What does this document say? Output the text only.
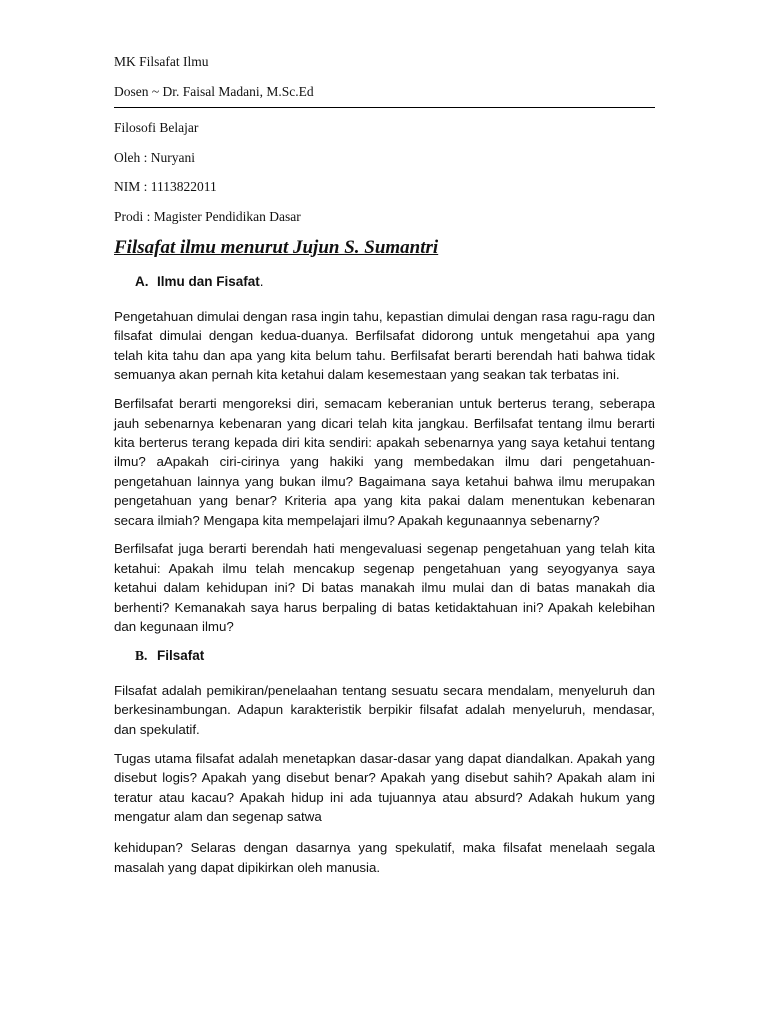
MK Filsafat Ilmu
Dosen ~ Dr. Faisal Madani, M.Sc.Ed
Filosofi Belajar
Oleh : Nuryani
NIM : 1113822011
Prodi : Magister Pendidikan Dasar
Filsafat ilmu menurut Jujun S. Sumantri
A. Ilmu dan Fisafat.

Pengetahuan dimulai dengan rasa ingin tahu, kepastian dimulai dengan rasa ragu-ragu dan filsafat dimulai dengan kedua-duanya. Berfilsafat didorong untuk mengetahui apa yang telah kita tahu dan apa yang kita belum tahu. Berfilsafat berarti berendah hati bahwa tidak semuanya akan pernah kita ketahui dalam kesemestaan yang seakan tak terbatas ini.

Berfilsafat berarti mengoreksi diri, semacam keberanian untuk berterus terang, seberapa jauh sebenarnya kebenaran yang dicari telah kita jangkau. Berfilsafat tentang ilmu berarti kita berterus terang kepada diri kita sendiri: apakah sebenarnya yang saya ketahui tentang ilmu? aApakah ciri-cirinya yang hakiki yang membedakan ilmu dari pengetahuan-pengetahuan lainnya yang bukan ilmu? Bagaimana saya ketahui bahwa ilmu merupakan pengetahuan yang benar? Kriteria apa yang kita pakai dalam menentukan kebenaran secara ilmiah? Mengapa kita mempelajari ilmu? Apakah kegunaannya sebenarny?

Berfilsafat juga berarti berendah hati mengevaluasi segenap pengetahuan yang telah kita ketahui: Apakah ilmu telah mencakup segenap pengetahuan yang seyogyanya saya ketahui dalam kehidupan ini? Di batas manakah ilmu mulai dan di batas manakah dia berhenti? Kemanakah saya harus berpaling di batas ketidaktahuan ini? Apakah kelebihan dan kegunaan ilmu?

B. Filsafat

Filsafat adalah pemikiran/penelaahan tentang sesuatu secara mendalam, menyeluruh dan berkesinambungan. Adapun karakteristik berpikir filsafat adalah menyeluruh, mendasar, dan spekulatif.

Tugas utama filsafat adalah menetapkan dasar-dasar yang dapat diandalkan. Apakah yang disebut logis? Apakah yang disebut benar? Apakah yang disebut sahih? Apakah alam ini teratur atau kacau? Apakah hidup ini ada tujuannya atau absurd? Adakah hukum yang mengatur alam dan segenap satwa

kehidupan? Selaras dengan dasarnya yang spekulatif, maka filsafat menelaah segala masalah yang dapat dipikirkan oleh manusia.
